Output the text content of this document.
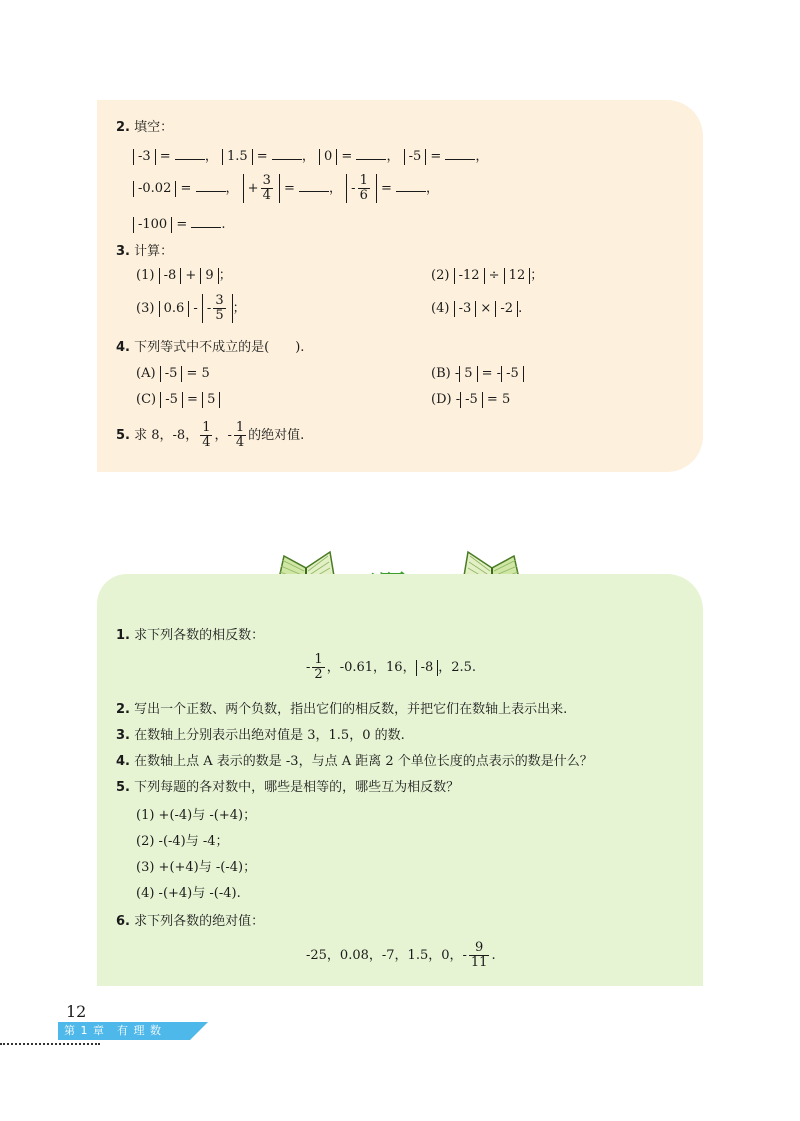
2. 填空：
-3 = ， 1.5 = ， 0 = ， -5 = ，
-0.02 = ， + $\frac{3}{4}$ = ， - $\frac{1}{6}$ = ，
-100 = .
3. 计算：
(1) -8 + 9 ；	(2) -12 ÷ 12 ；
(3) 0.6 - - $\frac{3}{5}$ ；	(4) -3 × -2 .
4. 下列等式中不成立的是(　　).
(A) -5 = 5	(B) - 5 = - -5
(C) -5 = 5	(D) - -5 = 5
5. 求 8，-8， $\frac{1}{4}$ ，- $\frac{1}{4}$ 的绝对值.
1. 求下列各数的相反数：
- $\frac{1}{2}$ ，-0.61，16， -8 ，2.5.
2. 写出一个正数、两个负数，指出它们的相反数，并把它们在数轴上表示出来.
3. 在数轴上分别表示出绝对值是 3，1.5，0 的数.
4. 在数轴上点 A 表示的数是 -3，与点 A 距离 2 个单位长度的点表示的数是什么？
5. 下列每题的各对数中，哪些是相等的，哪些互为相反数？
(1) +(-4)与 -(+4)；
(2) -(-4)与 -4；
(3) +(+4)与 -(-4)；
(4) -(+4)与 -(-4).
6. 求下列各数的绝对值：
-25，0.08，-7，1.5，0，- $\frac{9}{11}$ .
12
第 1 章　有 理 数
